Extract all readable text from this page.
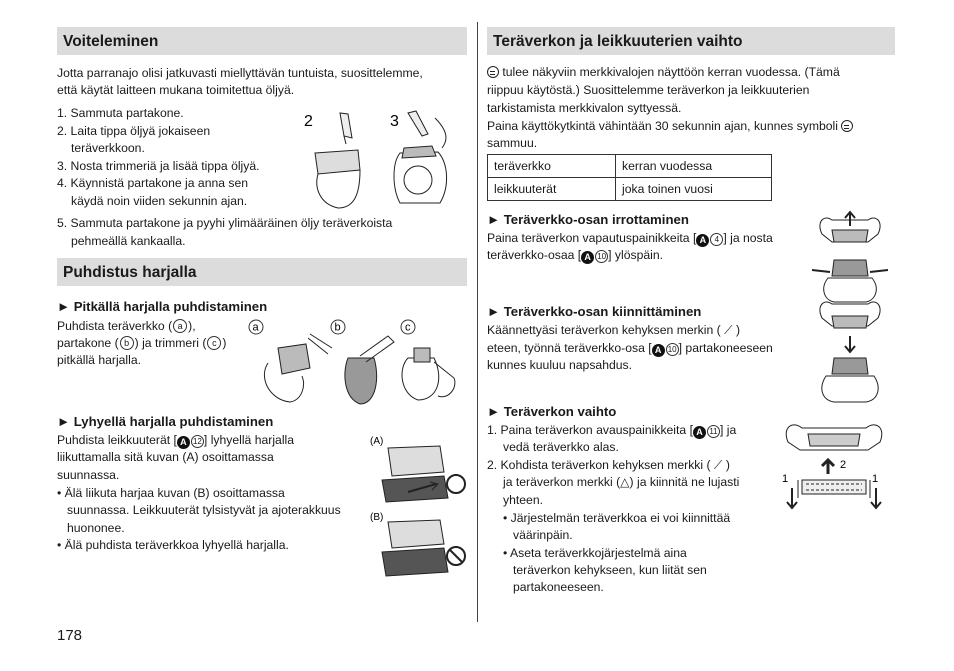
Voiteleminen
Jotta parranajo olisi jatkuvasti miellyttävän tuntuista, suosittelemme,
että käytät laitteen mukana toimitettua öljyä.
1. Sammuta partakone.
2. Laita tippa öljyä jokaiseen
teräverkkoon.
3. Nosta trimmeriä ja lisää tippa öljyä.
4. Käynnistä partakone ja anna sen
käydä noin viiden sekunnin ajan.
5. Sammuta partakone ja pyyhi ylimääräinen öljy teräverkoista
pehmeällä kankaalla.
2	3
Puhdistus harjalla
► Pitkällä harjalla puhdistaminen
Puhdista teräverkko ( a ),
partakone ( b ) ja trimmeri ( c )
pitkällä harjalla.
a	b	c
► Lyhyellä harjalla puhdistaminen
Puhdista leikkuuterät [ A 12 ] lyhyellä harjalla
liikuttamalla sitä kuvan (A) osoittamassa
suunnassa.
• Älä liikuta harjaa kuvan (B) osoittamassa
suunnassa. Leikkuuterät tylsistyvät ja ajoterakkuus
huononee.
• Älä puhdista teräverkkoa lyhyellä harjalla.
(A)
(B)
178
Teräverkon ja leikkuuterien vaihto
tulee näkyviin merkkivalojen näyttöön kerran vuodessa. (Tämä
riippuu käytöstä.) Suosittelemme teräverkon ja leikkuuterien
tarkistamista merkkivalon syttyessä.
Paina käyttökytkintä vähintään 30 sekunnin ajan, kunnes symboli
sammuu.
teräverkko	kerran vuodessa
leikkuuterät	joka toinen vuosi
► Teräverkko-osan irrottaminen
Paina teräverkon vapautuspainikkeita [ A 4 ] ja nosta
teräverkko-osaa [ A 10 ] ylöspäin.
► Teräverkko-osan kiinnittäminen
Käännettyäsi teräverkon kehyksen merkin ( ⟋ )
eteen, työnnä teräverkko-osa [ A 10 ] partakoneeseen
kunnes kuuluu napsahdus.
► Teräverkon vaihto
1. Paina teräverkon avauspainikkeita [ A 11 ] ja
vedä teräverkko alas.
2. Kohdista teräverkon kehyksen merkki ( ⟋ )
ja teräverkon merkki (△) ja kiinnitä ne lujasti
yhteen.
• Järjestelmän teräverkkoa ei voi kiinnittää
väärinpäin.
• Aseta teräverkkojärjestelmä aina
teräverkon kehykseen, kun liität sen
partakoneeseen.
1
2
1
